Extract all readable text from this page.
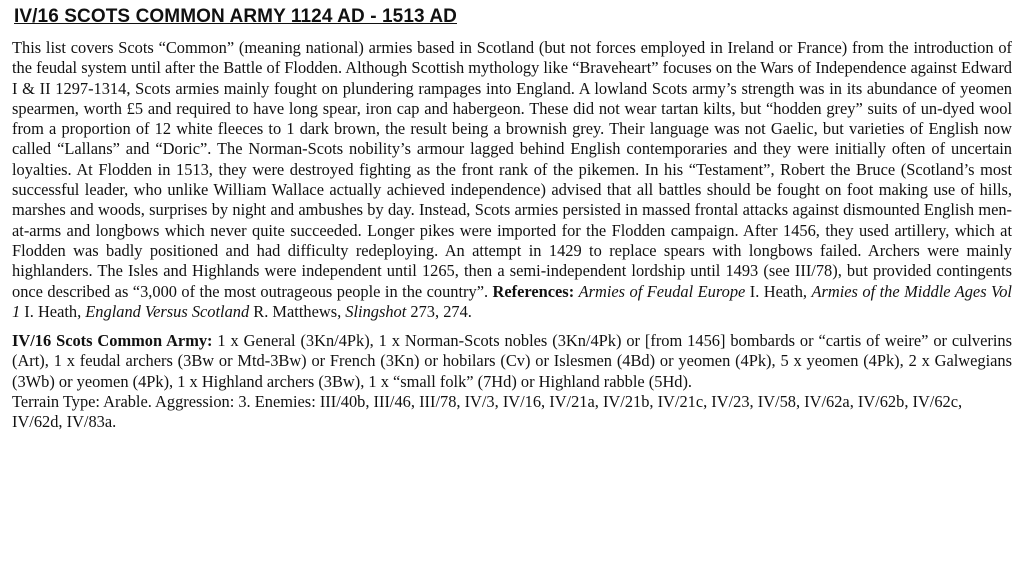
IV/16 SCOTS COMMON ARMY 1124 AD - 1513 AD

This list covers Scots “Common” (meaning national) armies based in Scotland (but not forces employed in Ireland or France) from the introduction of the feudal system until after the Battle of Flodden. Although Scottish mythology like “Braveheart” focuses on the Wars of Independence against Edward I & II 1297-1314, Scots armies mainly fought on plundering rampages into England. A lowland Scots army’s strength was in its abundance of yeomen spearmen, worth £5 and required to have long spear, iron cap and habergeon. These did not wear tartan kilts, but “hodden grey” suits of un-dyed wool from a proportion of 12 white fleeces to 1 dark brown, the result being a brownish grey. Their language was not Gaelic, but varieties of English now called “Lallans” and “Doric”. The Norman-Scots nobility’s armour lagged behind English contemporaries and they were initially often of uncertain loyalties. At Flodden in 1513, they were destroyed fighting as the front rank of the pikemen. In his “Testament”, Robert the Bruce (Scotland’s most successful leader, who unlike William Wallace actually achieved independence) advised that all battles should be fought on foot making use of hills, marshes and woods, surprises by night and ambushes by day. Instead, Scots armies persisted in massed frontal attacks against dismounted English men-at-arms and longbows which never quite succeeded. Longer pikes were imported for the Flodden campaign. After 1456, they used artillery, which at Flodden was badly positioned and had difficulty redeploying. An attempt in 1429 to replace spears with longbows failed. Archers were mainly highlanders. The Isles and Highlands were independent until 1265, then a semi-independent lordship until 1493 (see III/78), but provided contingents once described as “3,000 of the most outrageous people in the country”. References: Armies of Feudal Europe I. Heath, Armies of the Middle Ages Vol 1 I. Heath, England Versus Scotland R. Matthews, Slingshot 273, 274.

IV/16 Scots Common Army: 1 x General (3Kn/4Pk), 1 x Norman-Scots nobles (3Kn/4Pk) or [from 1456] bombards or “cartis of weire” or culverins (Art), 1 x feudal archers (3Bw or Mtd-3Bw) or French (3Kn) or hobilars (Cv) or Islesmen (4Bd) or yeomen (4Pk), 5 x yeomen (4Pk), 2 x Galwegians (3Wb) or yeomen (4Pk), 1 x Highland archers (3Bw), 1 x “small folk” (7Hd) or Highland rabble (5Hd).

Terrain Type: Arable. Aggression: 3. Enemies: III/40b, III/46, III/78, IV/3, IV/16, IV/21a, IV/21b, IV/21c, IV/23, IV/58, IV/62a, IV/62b, IV/62c, IV/62d, IV/83a.
